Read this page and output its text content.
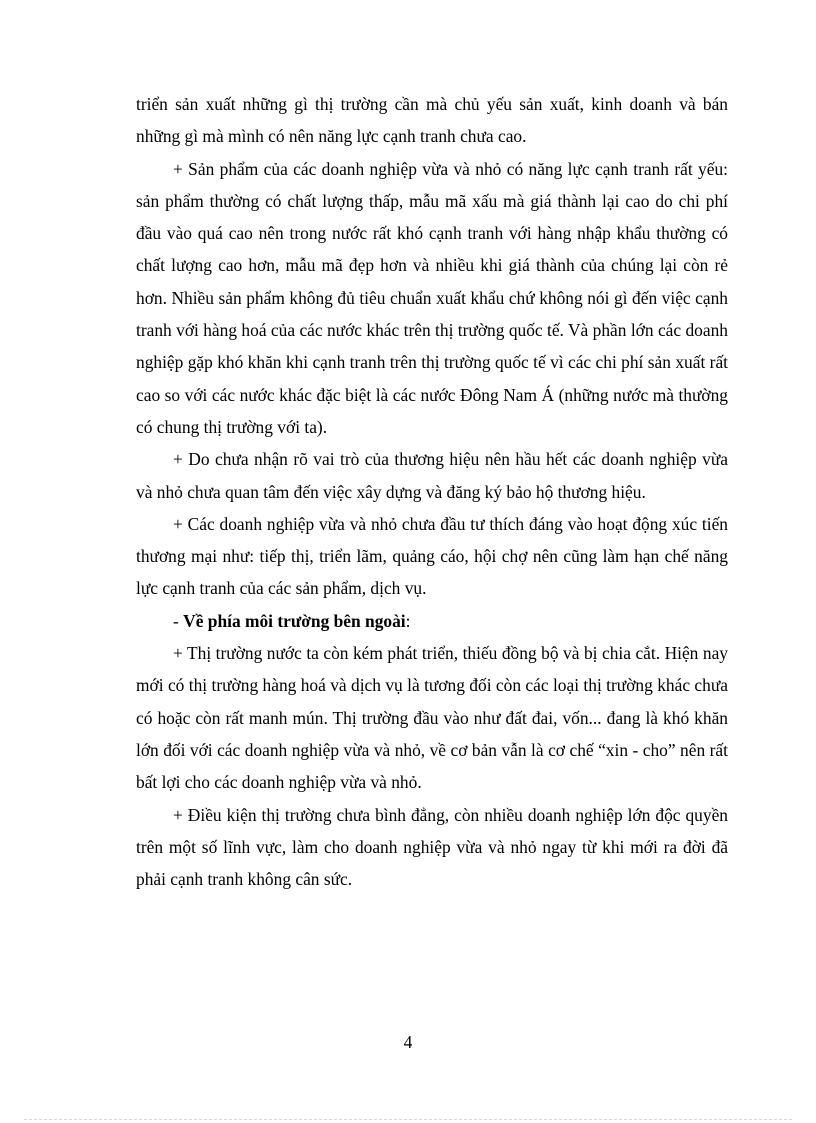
triển sản xuất những gì thị trường cần mà chủ yếu sản xuất, kinh doanh và bán những gì mà mình có nên năng lực cạnh tranh chưa cao.

+ Sản phẩm của các doanh nghiệp vừa và nhỏ có năng lực cạnh tranh rất yếu: sản phẩm thường có chất lượng thấp, mẫu mã xấu mà giá thành lại cao do chi phí đầu vào quá cao nên trong nước rất khó cạnh tranh với hàng nhập khẩu thường có chất lượng cao hơn, mẫu mã đẹp hơn và nhiều khi giá thành của chúng lại còn rẻ hơn. Nhiều sản phẩm không đủ tiêu chuẩn xuất khẩu chứ không nói gì đến việc cạnh tranh với hàng hoá của các nước khác trên thị trường quốc tế. Và phần lớn các doanh nghiệp gặp khó khăn khi cạnh tranh trên thị trường quốc tế vì các chi phí sản xuất rất cao so với các nước khác đặc biệt là các nước Đông Nam Á (những nước mà thường có chung thị trường với ta).

+ Do chưa nhận rõ vai trò của thương hiệu nên hầu hết các doanh nghiệp vừa và nhỏ chưa quan tâm đến việc xây dựng và đăng ký bảo hộ thương hiệu.

+ Các doanh nghiệp vừa và nhỏ chưa đầu tư thích đáng vào hoạt động xúc tiến thương mại như: tiếp thị, triển lãm, quảng cáo, hội chợ nên cũng làm hạn chế năng lực cạnh tranh của các sản phẩm, dịch vụ.

- Về phía môi trường bên ngoài:

+ Thị trường nước ta còn kém phát triển, thiếu đồng bộ và bị chia cắt. Hiện nay mới có thị trường hàng hoá và dịch vụ là tương đối còn các loại thị trường khác chưa có hoặc còn rất manh mún. Thị trường đầu vào như đất đai, vốn... đang là khó khăn lớn đối với các doanh nghiệp vừa và nhỏ, về cơ bản vẫn là cơ chế “xin - cho” nên rất bất lợi cho các doanh nghiệp vừa và nhỏ.

+ Điều kiện thị trường chưa bình đẳng, còn nhiều doanh nghiệp lớn độc quyền trên một số lĩnh vực, làm cho doanh nghiệp vừa và nhỏ ngay từ khi mới ra đời đã phải cạnh tranh không cân sức.

4
